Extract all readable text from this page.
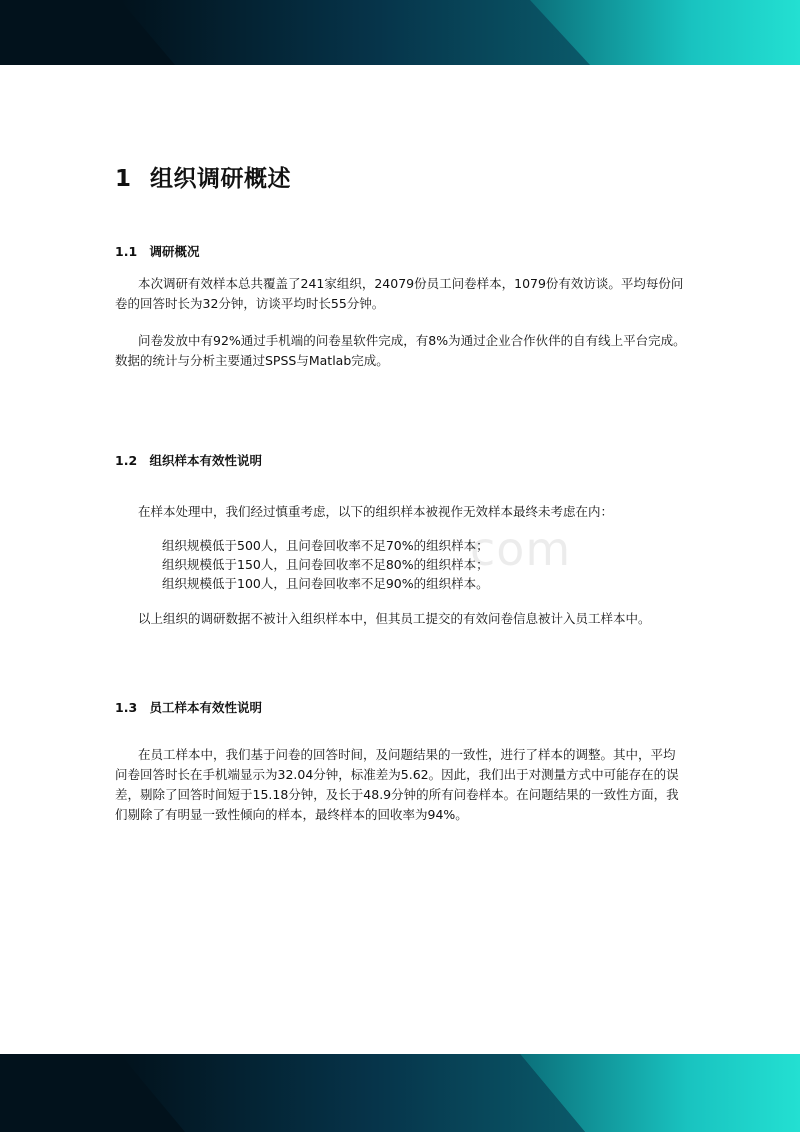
com
1 组织调研概述
1.1 调研概况

本次调研有效样本总共覆盖了241家组织，24079份员工问卷样本，1079份有效访谈。平均每份问卷的回答时长为32分钟，访谈平均时长55分钟。

问卷发放中有92%通过手机端的问卷星软件完成，有8%为通过企业合作伙伴的自有线上平台完成。数据的统计与分析主要通过SPSS与Matlab完成。

1.2 组织样本有效性说明

在样本处理中，我们经过慎重考虑，以下的组织样本被视作无效样本最终未考虑在内：

组织规模低于500人，且问卷回收率不足70%的组织样本；
组织规模低于150人，且问卷回收率不足80%的组织样本；
组织规模低于100人，且问卷回收率不足90%的组织样本。

以上组织的调研数据不被计入组织样本中，但其员工提交的有效问卷信息被计入员工样本中。

1.3 员工样本有效性说明

在员工样本中，我们基于问卷的回答时间，及问题结果的一致性，进行了样本的调整。其中，平均问卷回答时长在手机端显示为32.04分钟，标准差为5.62。因此，我们出于对测量方式中可能存在的误差，剔除了回答时间短于15.18分钟，及长于48.9分钟的所有问卷样本。在问题结果的一致性方面，我们剔除了有明显一致性倾向的样本，最终样本的回收率为94%。
